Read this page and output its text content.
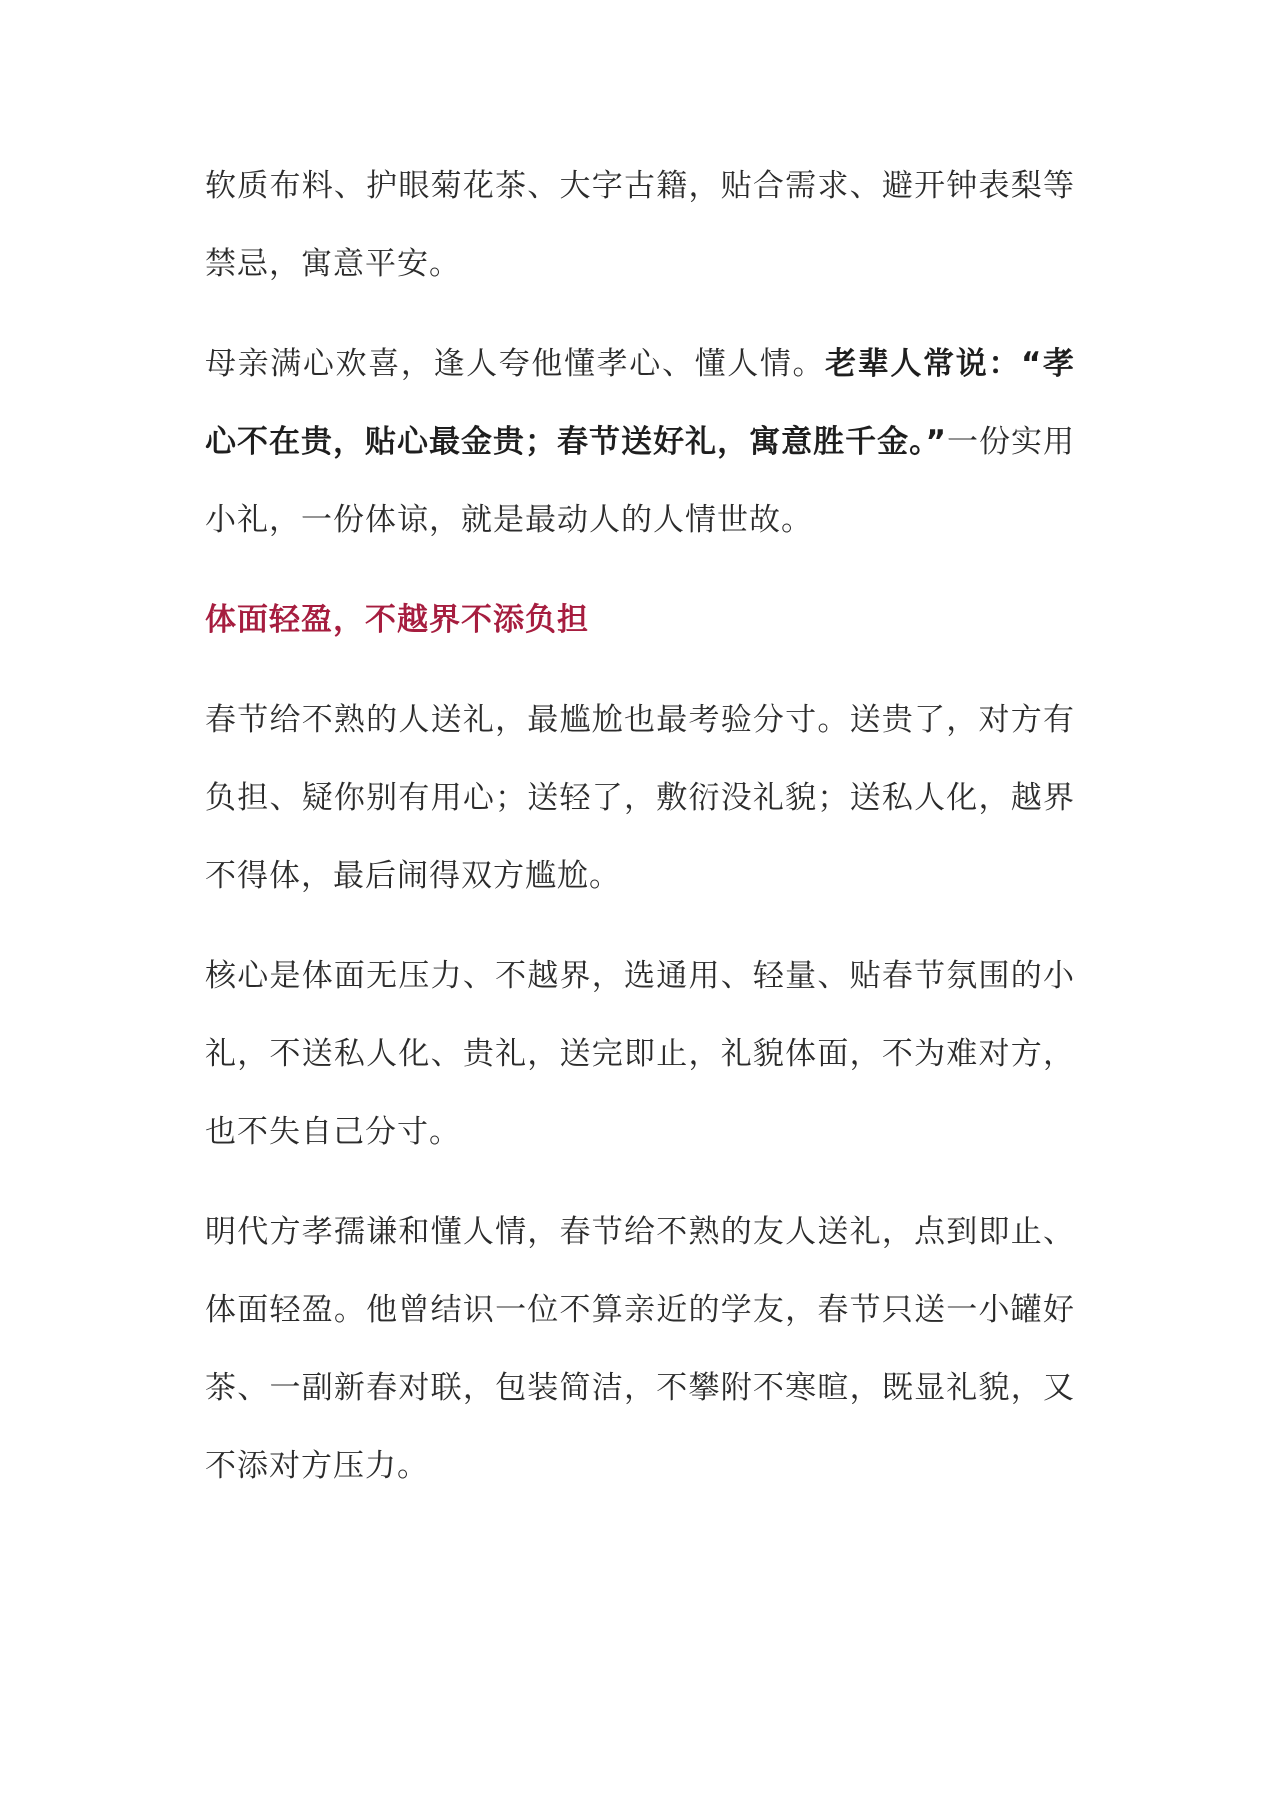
软质布料、护眼菊花茶、大字古籍，贴合需求、避开钟表梨等禁忌，寓意平安。

母亲满心欢喜，逢人夸他懂孝心、懂人情。老辈人常说：“孝心不在贵，贴心最金贵；春节送好礼，寓意胜千金。”一份实用小礼，一份体谅，就是最动人的人情世故。

体面轻盈，不越界不添负担

春节给不熟的人送礼，最尴尬也最考验分寸。送贵了，对方有负担、疑你别有用心；送轻了，敷衍没礼貌；送私人化，越界不得体，最后闹得双方尴尬。

核心是体面无压力、不越界，选通用、轻量、贴春节氛围的小礼，不送私人化、贵礼，送完即止，礼貌体面，不为难对方，也不失自己分寸。

明代方孝孺谦和懂人情，春节给不熟的友人送礼，点到即止、体面轻盈。他曾结识一位不算亲近的学友，春节只送一小罐好茶、一副新春对联，包装简洁，不攀附不寒暄，既显礼貌，又不添对方压力。
